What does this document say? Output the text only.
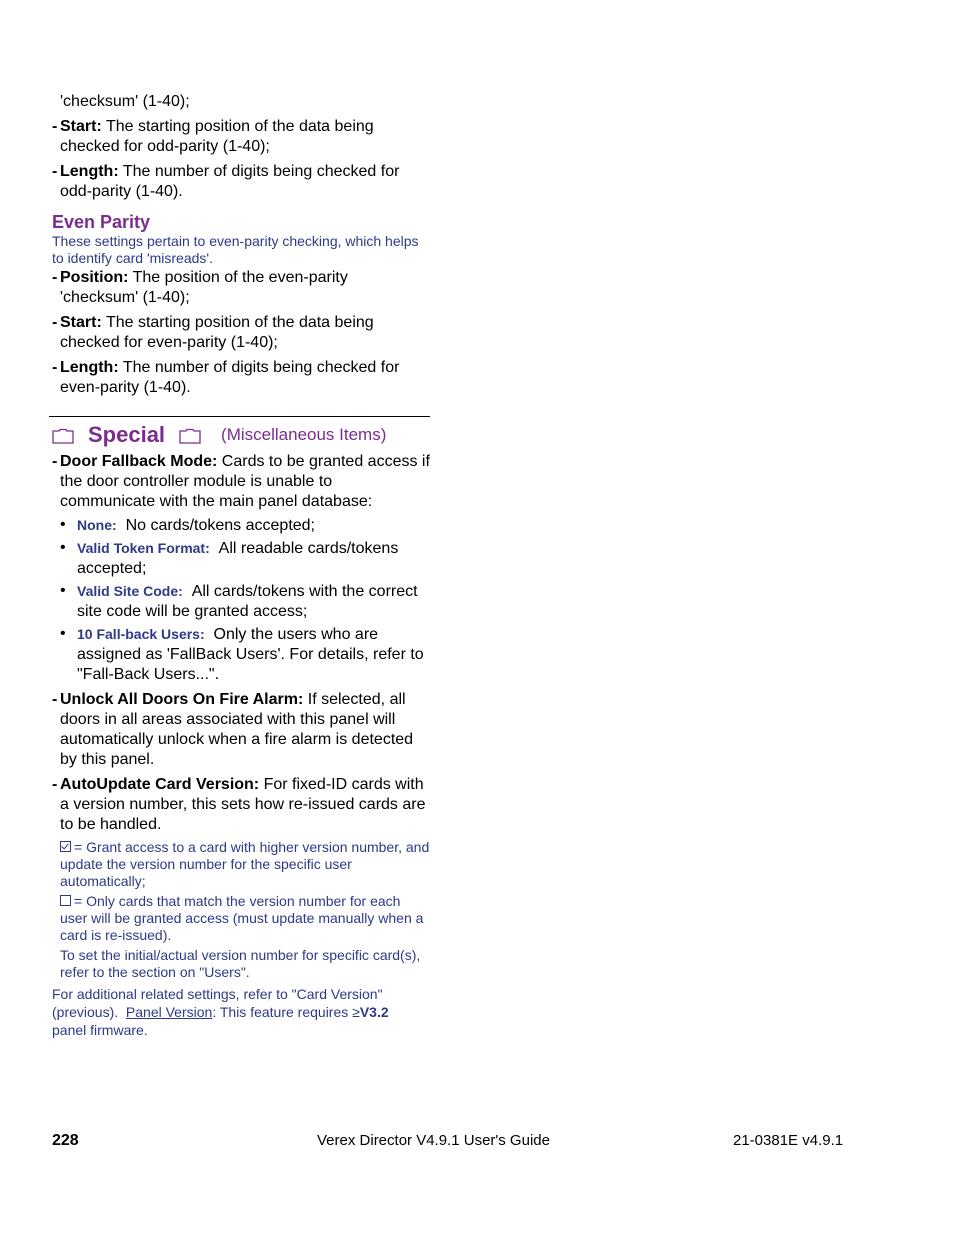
'checksum' (1-40);
- Start: The starting position of the data being checked for odd-parity (1-40);
- Length: The number of digits being checked for odd-parity (1-40).
Even Parity
These settings pertain to even-parity checking, which helps to identify card 'misreads'.
- Position: The position of the even-parity 'checksum' (1-40);
- Start: The starting position of the data being checked for even-parity (1-40);
- Length: The number of digits being checked for even-parity (1-40).
Special	(Miscellaneous Items)
- Door Fallback Mode: Cards to be granted access if the door controller module is unable to communicate with the main panel database:
• None: No cards/tokens accepted;
• Valid Token Format: All readable cards/tokens accepted;
• Valid Site Code: All cards/tokens with the correct site code will be granted access;
• 10 Fall-back Users: Only the users who are assigned as 'FallBack Users'. For details, refer to "Fall-Back Users...".
- Unlock All Doors On Fire Alarm: If selected, all doors in all areas associated with this panel will automatically unlock when a fire alarm is detected by this panel.
- AutoUpdate Card Version: For fixed-ID cards with a version number, this sets how re-issued cards are to be handled.
= Grant access to a card with higher version number, and update the version number for the specific user automatically;
= Only cards that match the version number for each user will be granted access (must update manually when a card is re-issued).
To set the initial/actual version number for specific card(s), refer to the section on "Users".
For additional related settings, refer to "Card Version" (previous). Panel Version: This feature requires ≥V3.2
panel firmware.
228	Verex Director V4.9.1 User's Guide	21-0381E v4.9.1
